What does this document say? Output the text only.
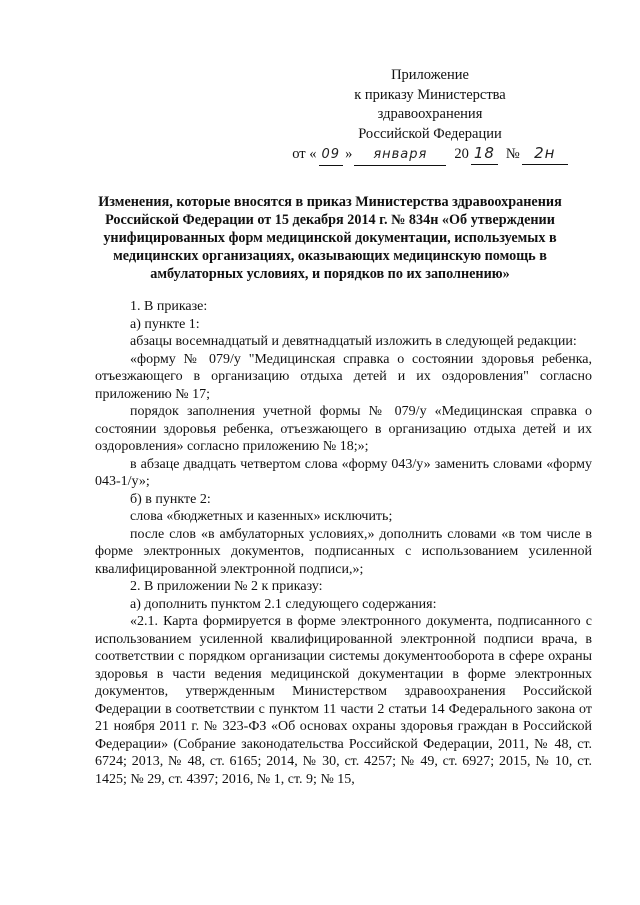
Приложение
к приказу Министерства
здравоохранения
Российской Федерации
от « 09 »	января	20 18 № 2н
Изменения, которые вносятся в приказ Министерства здравоохранения Российской Федерации от 15 декабря 2014 г. № 834н «Об утверждении унифицированных форм медицинской документации, используемых в медицинских организациях, оказывающих медицинскую помощь в амбулаторных условиях, и порядков по их заполнению»

1. В приказе:

а) пункте 1:

абзацы восемнадцатый и девятнадцатый изложить в следующей редакции:

«форму № 079/у "Медицинская справка о состоянии здоровья ребенка, отъезжающего в организацию отдыха детей и их оздоровления" согласно приложению № 17;

порядок заполнения учетной формы № 079/у «Медицинская справка о состоянии здоровья ребенка, отъезжающего в организацию отдыха детей и их оздоровления» согласно приложению № 18;»;

в абзаце двадцать четвертом слова «форму 043/у» заменить словами «форму 043-1/у»;

б) в пункте 2:

слова «бюджетных и казенных» исключить;

после слов «в амбулаторных условиях,» дополнить словами «в том числе в форме электронных документов, подписанных с использованием усиленной квалифицированной электронной подписи,»;

2. В приложении № 2 к приказу:

а) дополнить пунктом 2.1 следующего содержания:

«2.1. Карта формируется в форме электронного документа, подписанного с использованием усиленной квалифицированной электронной подписи врача, в соответствии с порядком организации системы документооборота в сфере охраны здоровья в части ведения медицинской документации в форме электронных документов, утвержденным Министерством здравоохранения Российской Федерации в соответствии с пунктом 11 части 2 статьи 14 Федерального закона от 21 ноября 2011 г. № 323-ФЗ «Об основах охраны здоровья граждан в Российской Федерации» (Собрание законодательства Российской Федерации, 2011, № 48, ст. 6724; 2013, № 48, ст. 6165; 2014, № 30, ст. 4257; № 49, ст. 6927; 2015, № 10, ст. 1425; № 29, ст. 4397; 2016, № 1, ст. 9; № 15,
